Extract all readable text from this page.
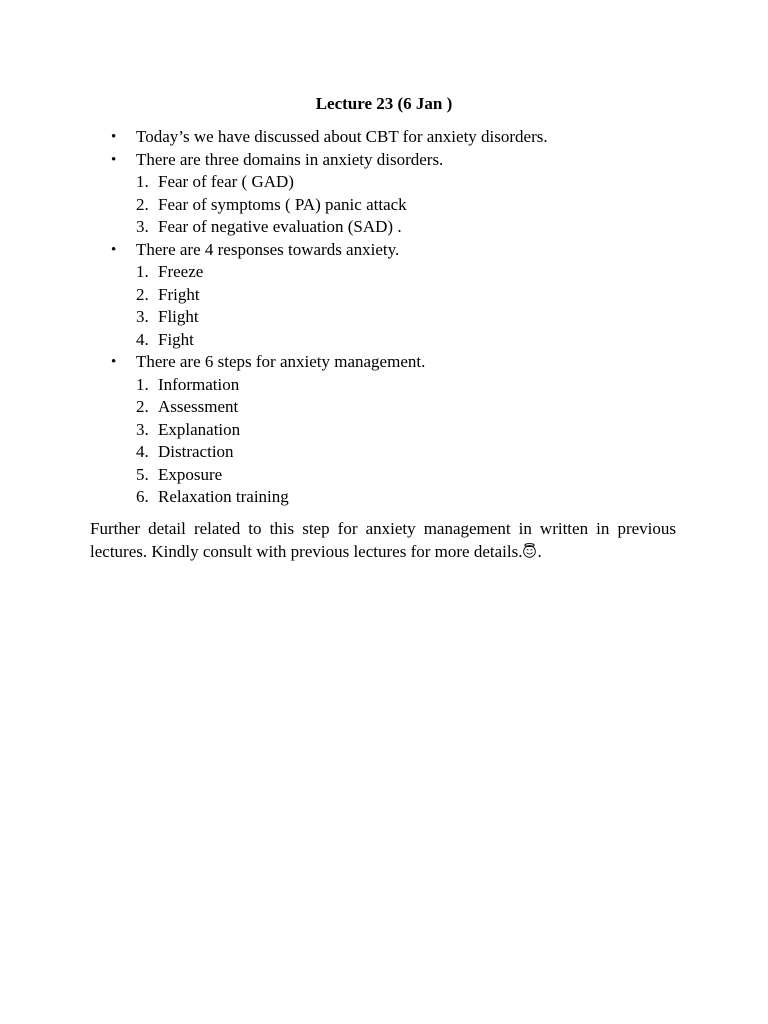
Lecture 23 (6 Jan )
• Today’s we have discussed about CBT for anxiety disorders.
• There are three domains in anxiety disorders.
1. Fear of fear ( GAD)
2. Fear of symptoms ( PA) panic attack
3. Fear of negative evaluation (SAD) .
• There are 4 responses towards anxiety.
1. Freeze
2. Fright
3. Flight
4. Fight
• There are 6 steps for anxiety management.
1. Information
2. Assessment
3. Explanation
4. Distraction
5. Exposure
6. Relaxation training
Further detail related to this step for anxiety management in written in previous lectures. Kindly consult with previous lectures for more details. .
